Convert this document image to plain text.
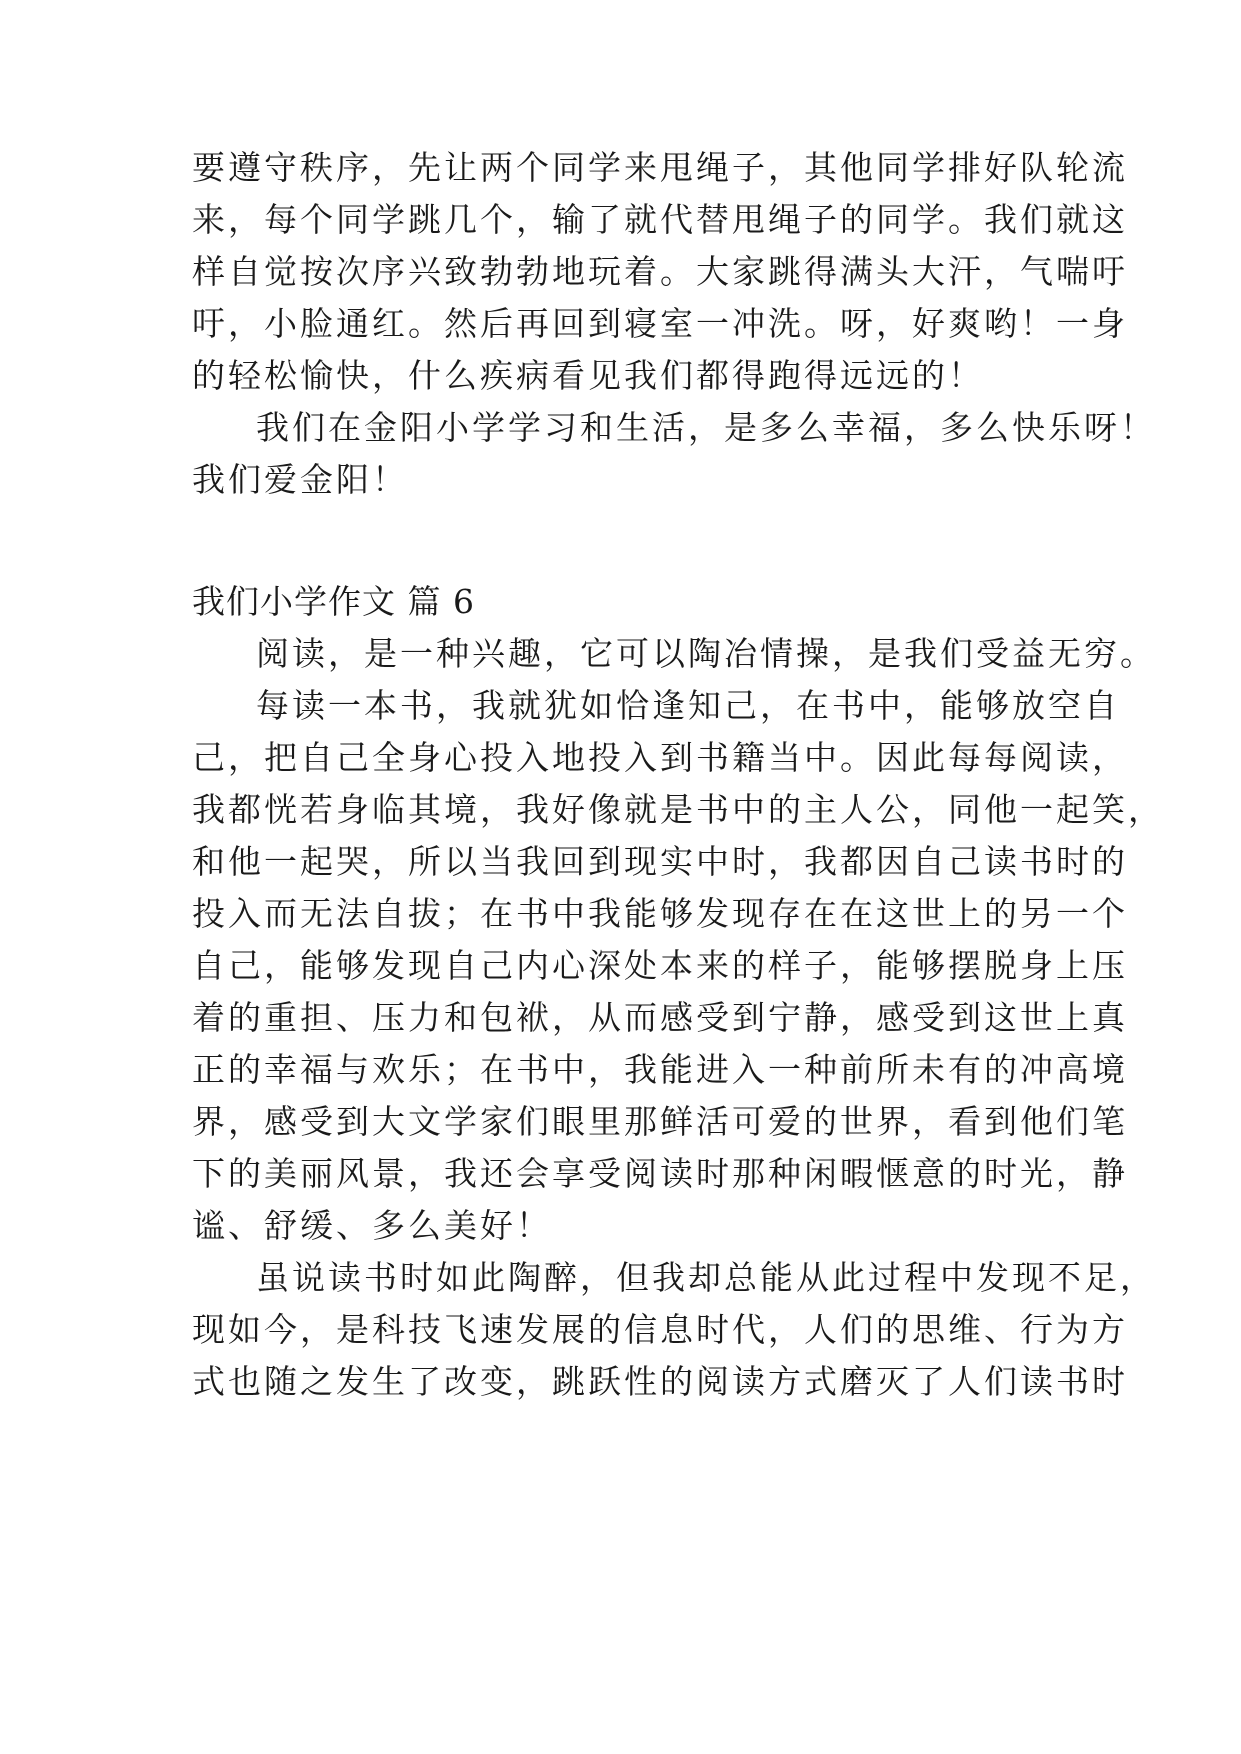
要遵守秩序，先让两个同学来甩绳子，其他同学排好队轮流
来，每个同学跳几个，输了就代替甩绳子的同学。我们就这
样自觉按次序兴致勃勃地玩着。大家跳得满头大汗，气喘吁
吁，小脸通红。然后再回到寝室一冲洗。呀，好爽哟！一身
的轻松愉快，什么疾病看见我们都得跑得远远的！
我们在金阳小学学习和生活，是多么幸福，多么快乐呀！
我们爱金阳！
我们小学作文 篇 6
阅读，是一种兴趣，它可以陶冶情操，是我们受益无穷。
每读一本书，我就犹如恰逢知己，在书中，能够放空自
己，把自己全身心投入地投入到书籍当中。因此每每阅读，
我都恍若身临其境，我好像就是书中的主人公，同他一起笑，
和他一起哭，所以当我回到现实中时，我都因自己读书时的
投入而无法自拔；在书中我能够发现存在在这世上的另一个
自己，能够发现自己内心深处本来的样子，能够摆脱身上压
着的重担、压力和包袱，从而感受到宁静，感受到这世上真
正的幸福与欢乐；在书中，我能进入一种前所未有的冲高境
界，感受到大文学家们眼里那鲜活可爱的世界，看到他们笔
下的美丽风景，我还会享受阅读时那种闲暇惬意的时光，静
谧、舒缓、多么美好！
虽说读书时如此陶醉，但我却总能从此过程中发现不足，
现如今，是科技飞速发展的信息时代，人们的思维、行为方
式也随之发生了改变，跳跃性的阅读方式磨灭了人们读书时
